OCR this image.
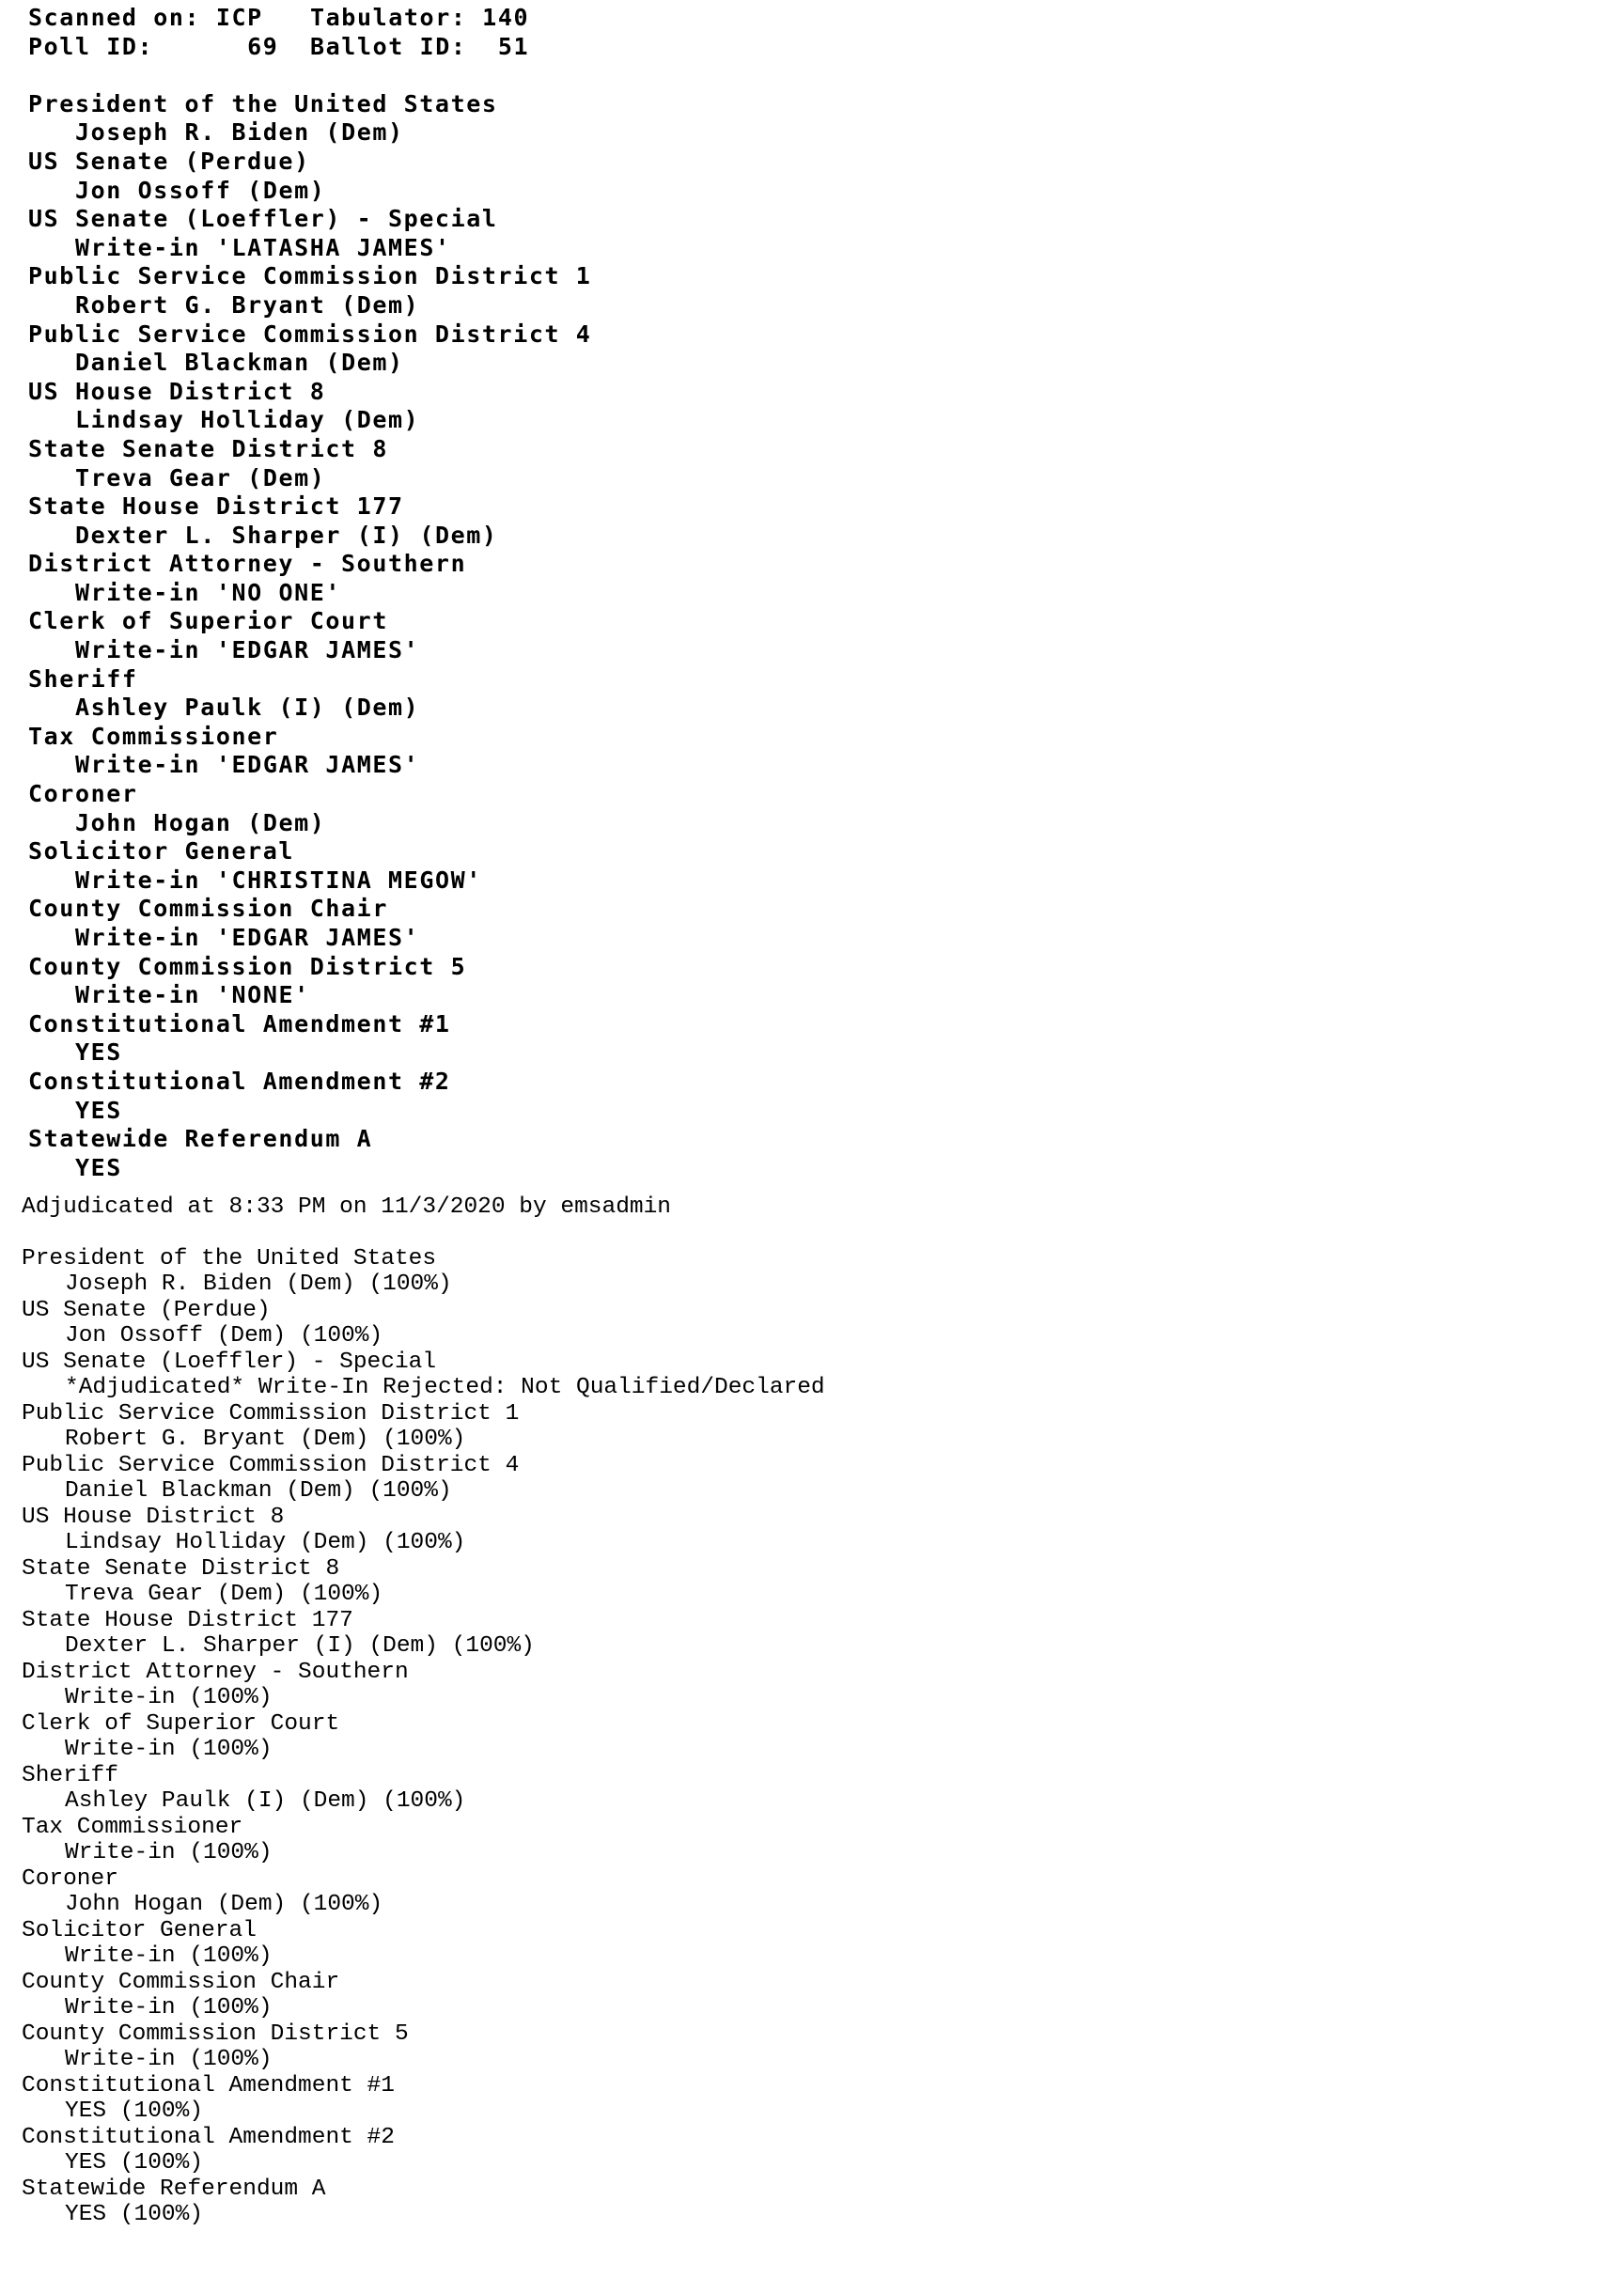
Scanned on: ICP	Tabulator: 140
Poll ID:	69	Ballot ID: 51
President of the United States
Joseph R. Biden (Dem)
US Senate (Perdue)
Jon Ossoff (Dem)
US Senate (Loeffler) - Special
Write-in 'LATASHA JAMES'
Public Service Commission District 1
Robert G. Bryant (Dem)
Public Service Commission District 4
Daniel Blackman (Dem)
US House District 8
Lindsay Holliday (Dem)
State Senate District 8
Treva Gear (Dem)
State House District 177
Dexter L. Sharper (I) (Dem)
District Attorney - Southern
Write-in 'NO ONE'
Clerk of Superior Court
Write-in 'EDGAR JAMES'
Sheriff
Ashley Paulk (I) (Dem)
Tax Commissioner
Write-in 'EDGAR JAMES'
Coroner
John Hogan (Dem)
Solicitor General
Write-in 'CHRISTINA MEGOW'
County Commission Chair
Write-in 'EDGAR JAMES'
County Commission District 5
Write-in 'NONE'
Constitutional Amendment #1
YES
Constitutional Amendment #2
YES
Statewide Referendum A
YES
Adjudicated at 8:33 PM on 11/3/2020 by emsadmin
President of the United States
Joseph R. Biden (Dem) (100%)
US Senate (Perdue)
Jon Ossoff (Dem) (100%)
US Senate (Loeffler) - Special
*Adjudicated* Write-In Rejected: Not Qualified/Declared
Public Service Commission District 1
Robert G. Bryant (Dem) (100%)
Public Service Commission District 4
Daniel Blackman (Dem) (100%)
US House District 8
Lindsay Holliday (Dem) (100%)
State Senate District 8
Treva Gear (Dem) (100%)
State House District 177
Dexter L. Sharper (I) (Dem) (100%)
District Attorney - Southern
Write-in (100%)
Clerk of Superior Court
Write-in (100%)
Sheriff
Ashley Paulk (I) (Dem) (100%)
Tax Commissioner
Write-in (100%)
Coroner
John Hogan (Dem) (100%)
Solicitor General
Write-in (100%)
County Commission Chair
Write-in (100%)
County Commission District 5
Write-in (100%)
Constitutional Amendment #1
YES (100%)
Constitutional Amendment #2
YES (100%)
Statewide Referendum A
YES (100%)
